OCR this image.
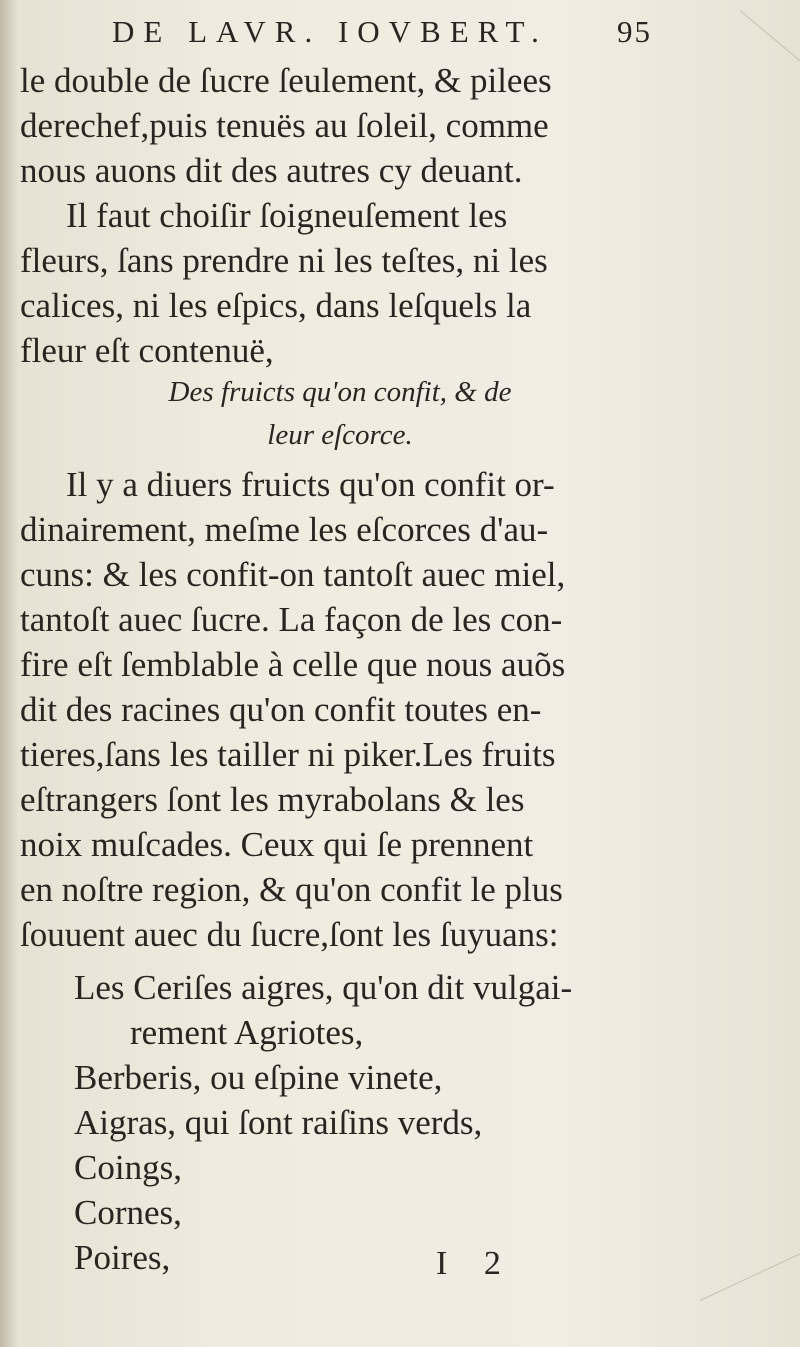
DE LAVR. IOVBERT. 95
le double de ſucre ſeulement, & pilees
derechef,puis tenuës au ſoleil, comme
nous auons dit des autres cy deuant.
Il faut choiſir ſoigneuſement les
fleurs, ſans prendre ni les teſtes, ni les
calices, ni les eſpics, dans leſquels la
fleur eſt contenuë,
Des fruicts qu'on confit, & de
leur eſcorce.
Il y a diuers fruicts qu'on confit or-
dinairement, meſme les eſcorces d'au-
cuns: & les confit-on tantoſt auec miel,
tantoſt auec ſucre. La façon de les con-
fire eſt ſemblable à celle que nous auõs
dit des racines qu'on confit toutes en-
tieres,ſans les tailler ni piker.Les fruits
eſtrangers ſont les myrabolans & les
noix muſcades. Ceux qui ſe prennent
en noſtre region, & qu'on confit le plus
ſouuent auec du ſucre,ſont les ſuyuans:
Les Ceriſes aigres, qu'on dit vulgai-
rement Agriotes,
Berberis, ou eſpine vinete,
Aigras, qui ſont raiſins verds,
Coings,
Cornes,
Poires,	I 2
